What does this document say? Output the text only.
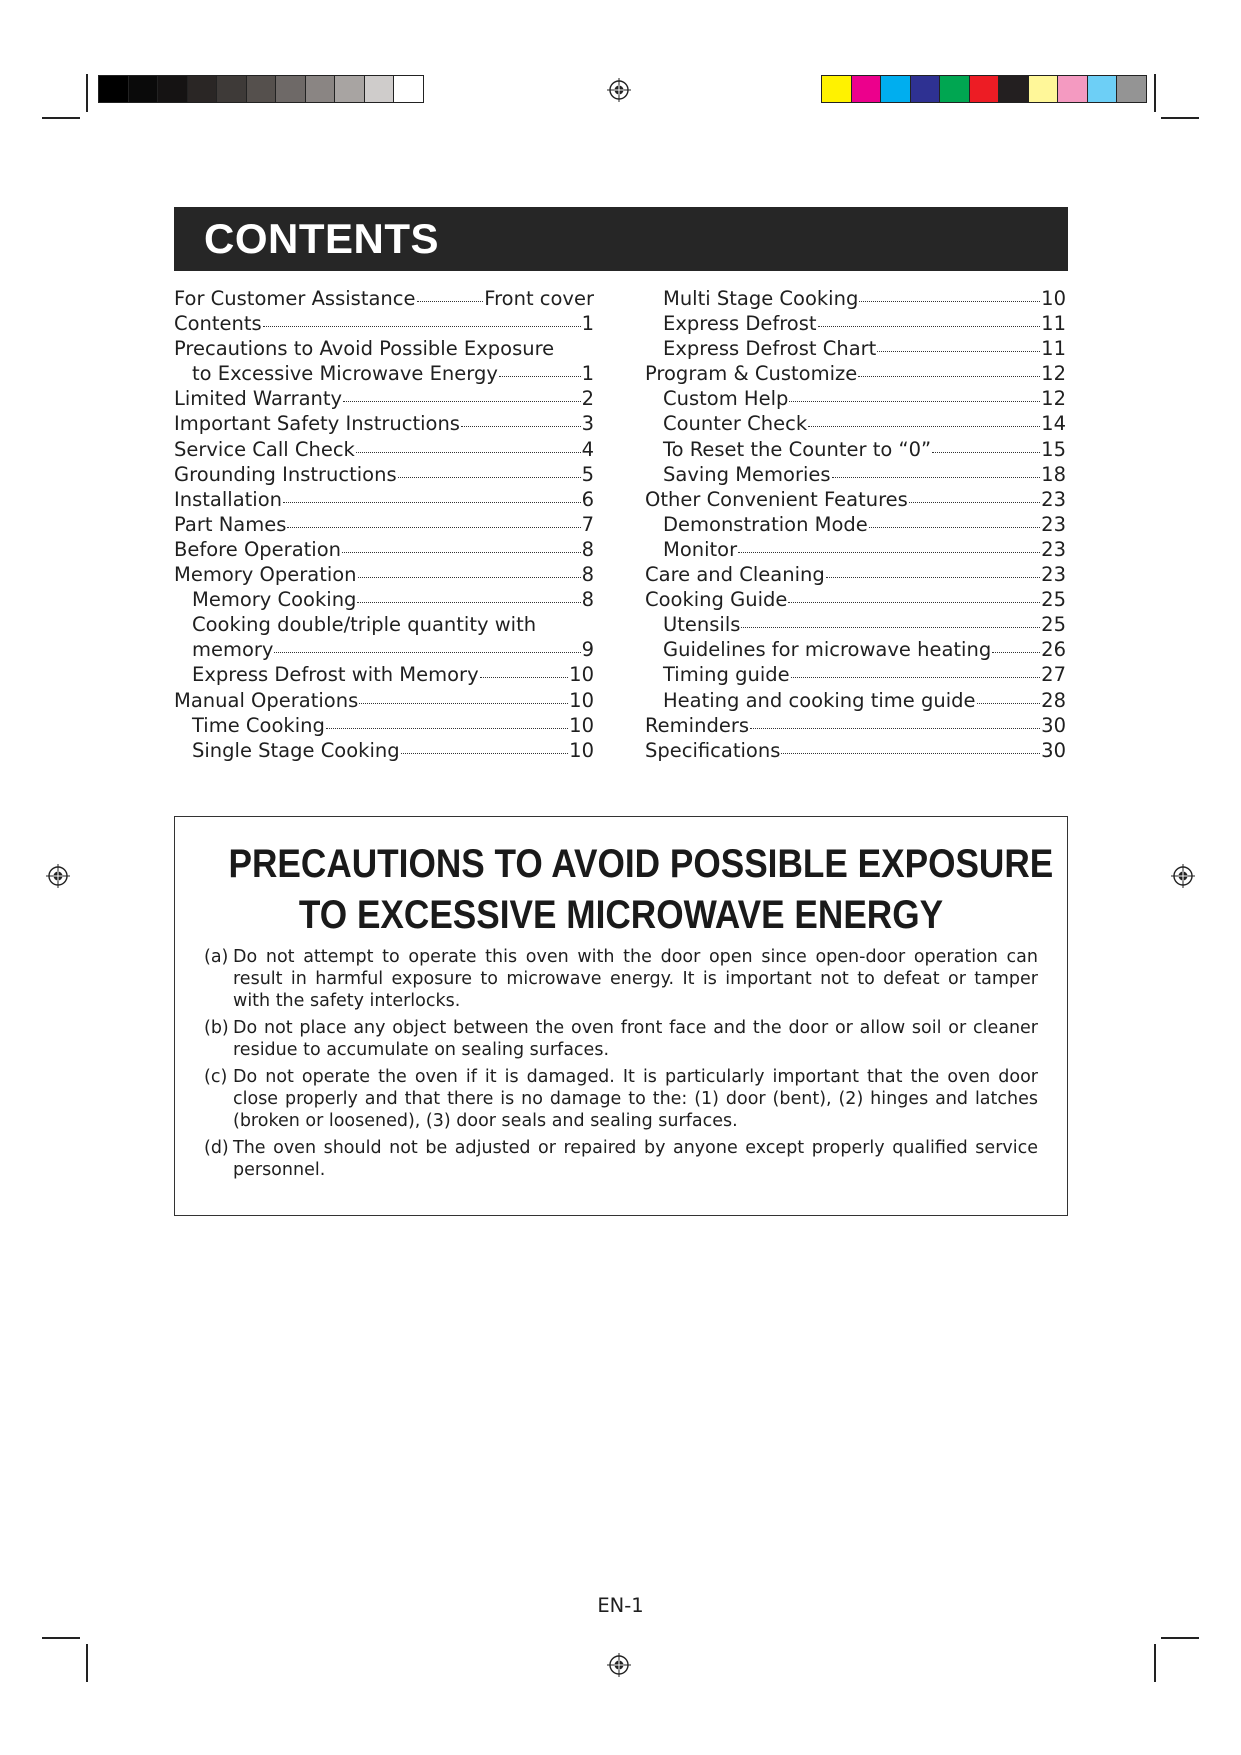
CONTENTS
For Customer Assistance	Front cover
Contents	1
Precautions to Avoid Possible Exposure
to Excessive Microwave Energy	1
Limited Warranty	2
Important Safety Instructions	3
Service Call Check	4
Grounding Instructions	5
Installation	6
Part Names	7
Before Operation	8
Memory Operation	8
Memory Cooking	8
Cooking double/triple quantity with
memory	9
Express Defrost with Memory	10
Manual Operations	10
Time Cooking	10
Single Stage Cooking	10
Multi Stage Cooking	10
Express Defrost	11
Express Defrost Chart	11
Program & Customize	12
Custom Help	12
Counter Check	14
To Reset the Counter to “0”	15
Saving Memories	18
Other Convenient Features	23
Demonstration Mode	23
Monitor	23
Care and Cleaning	23
Cooking Guide	25
Utensils	25
Guidelines for microwave heating	26
Timing guide	27
Heating and cooking time guide	28
Reminders	30
Specifications	30
PRECAUTIONS TO AVOID POSSIBLE EXPOSURE
TO EXCESSIVE MICROWAVE ENERGY
(a) Do not attempt to operate this oven with the door open since open-door operation can result in harmful exposure to microwave energy. It is important not to defeat or tamper with the safety interlocks.
(b) Do not place any object between the oven front face and the door or allow soil or cleaner residue to accumulate on sealing surfaces.
(c) Do not operate the oven if it is damaged. It is particularly important that the oven door close properly and that there is no damage to the: (1) door (bent), (2) hinges and latches (broken or loosened), (3) door seals and sealing surfaces.
(d) The oven should not be adjusted or repaired by anyone except properly qualified service personnel.
EN-1
